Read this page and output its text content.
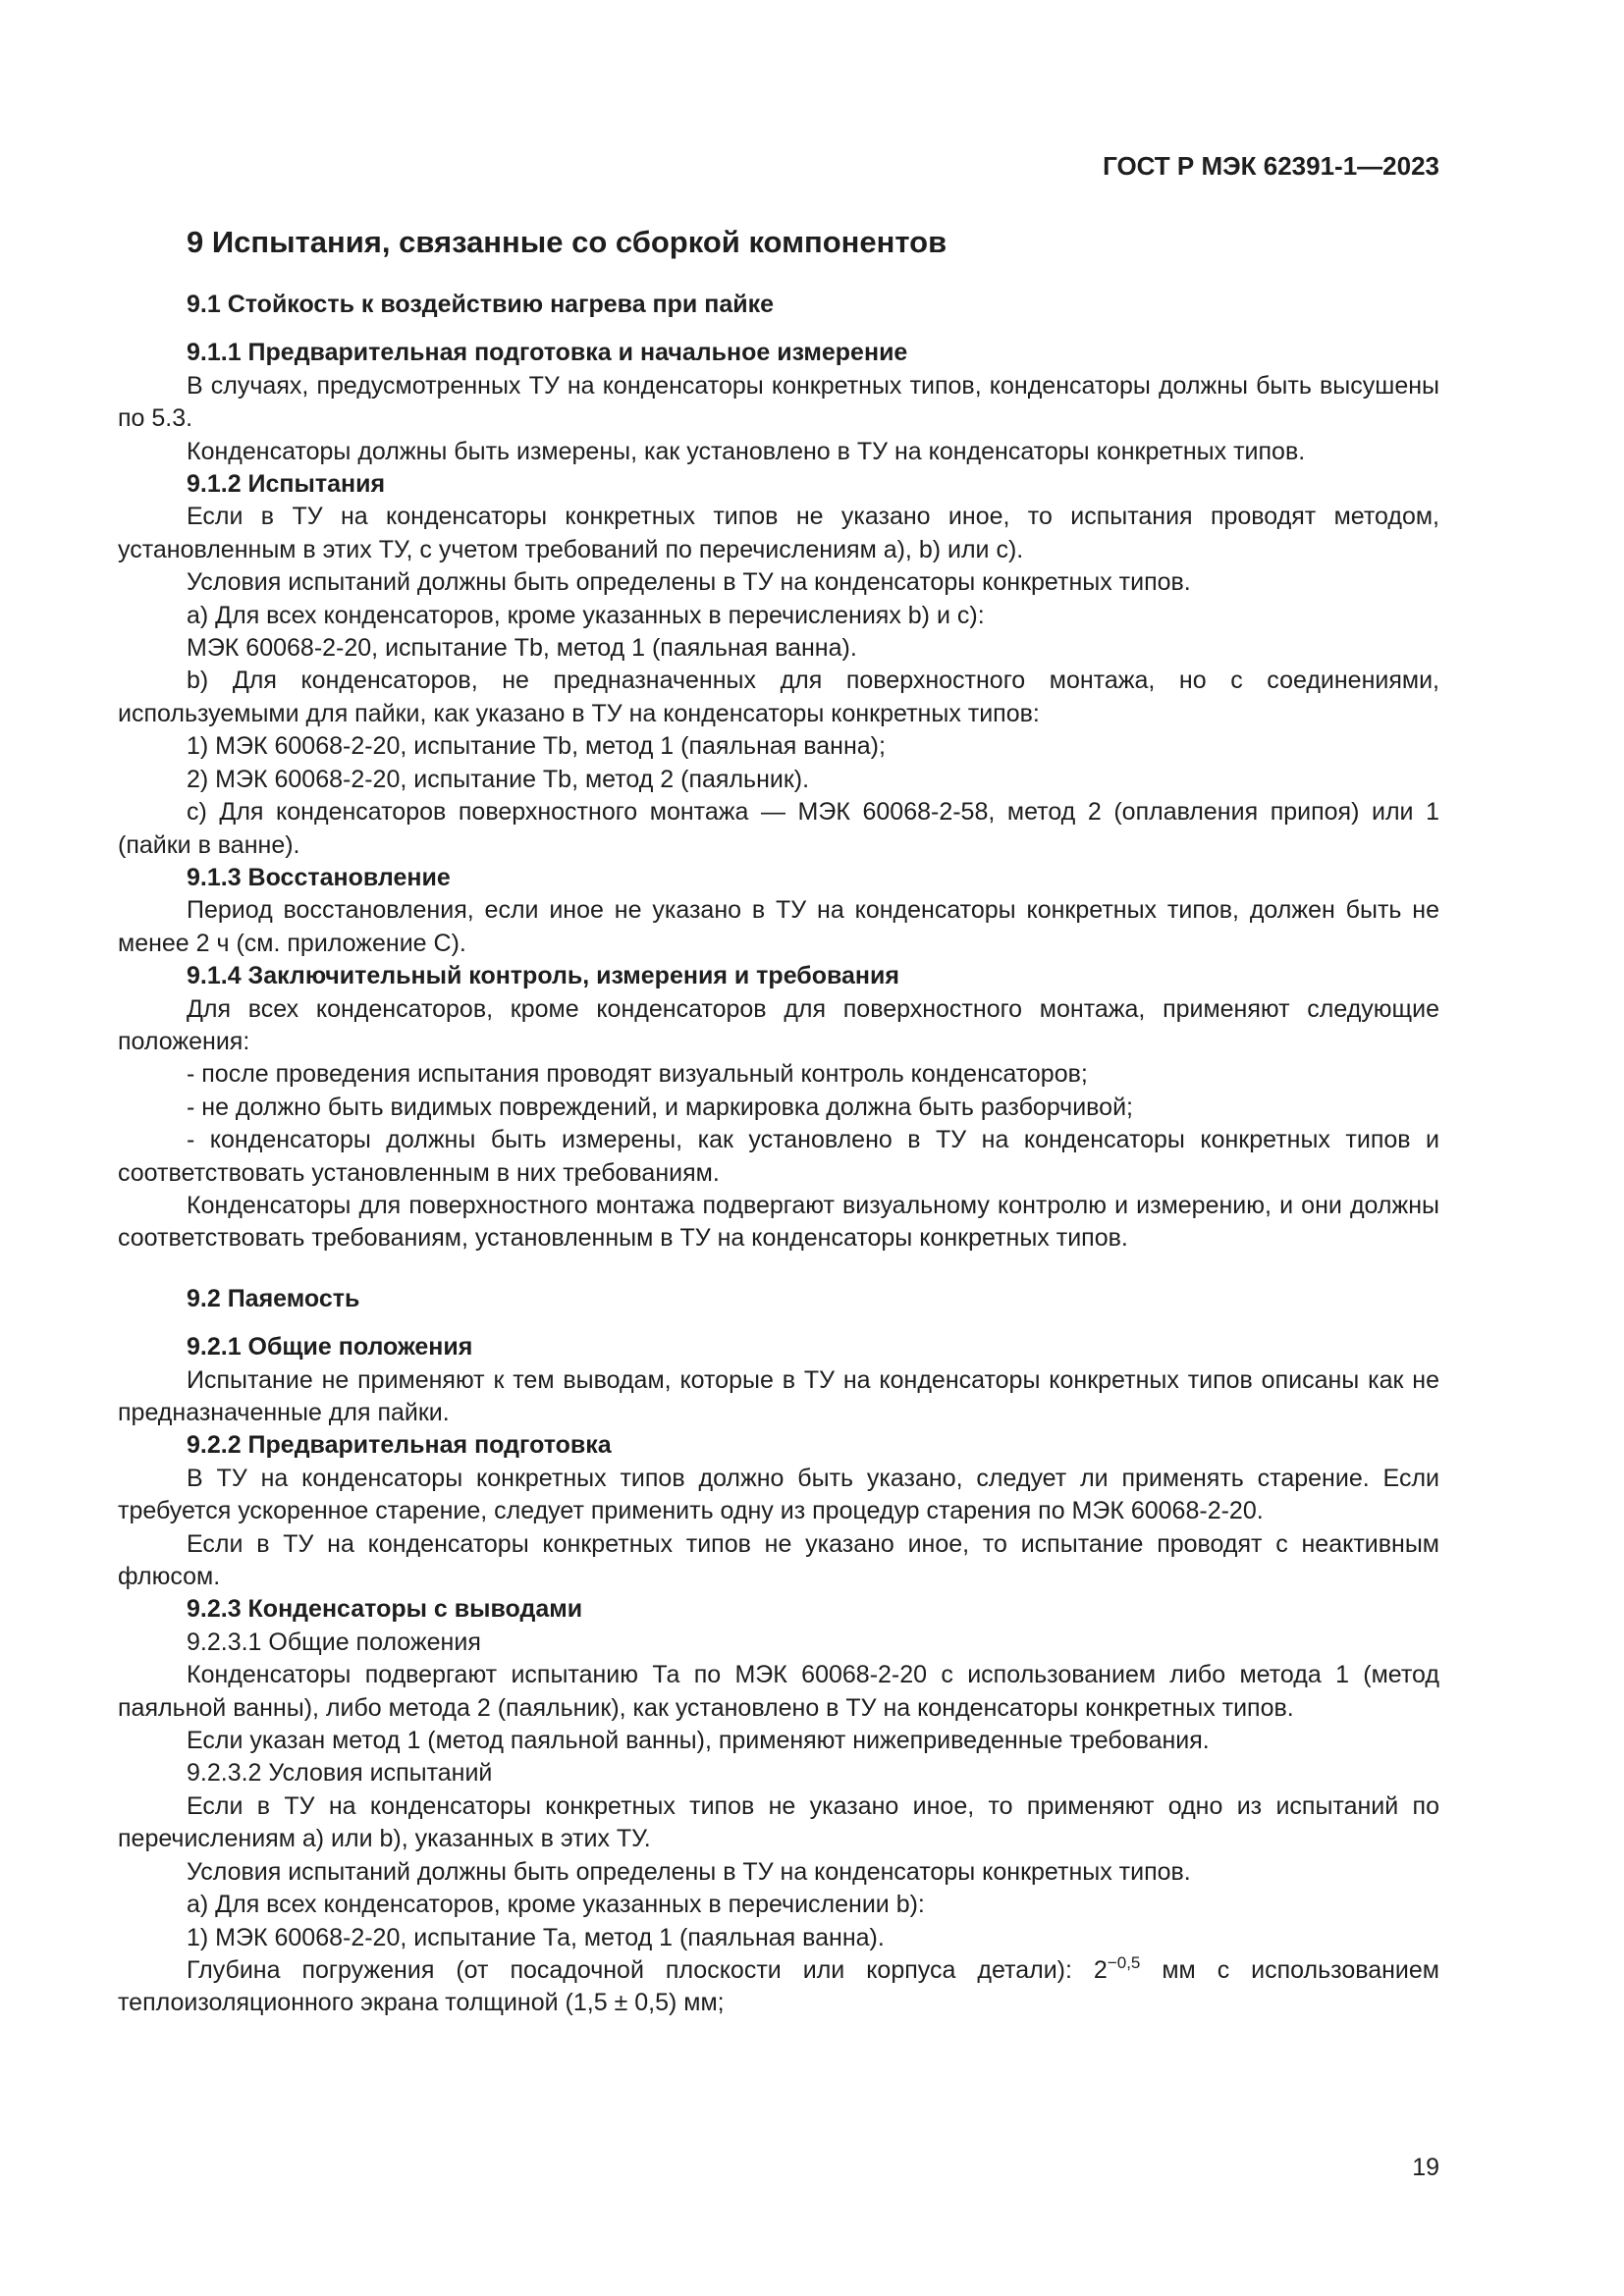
ГОСТ Р МЭК 62391-1—2023

9 Испытания, связанные со сборкой компонентов

9.1 Стойкость к воздействию нагрева при пайке

9.1.1 Предварительная подготовка и начальное измерение

В случаях, предусмотренных ТУ на конденсаторы конкретных типов, конденсаторы должны быть высушены по 5.3.

Конденсаторы должны быть измерены, как установлено в ТУ на конденсаторы конкретных типов.

9.1.2 Испытания

Если в ТУ на конденсаторы конкретных типов не указано иное, то испытания проводят методом, установленным в этих ТУ, с учетом требований по перечислениям а), b) или c).

Условия испытаний должны быть определены в ТУ на конденсаторы конкретных типов.

а) Для всех конденсаторов, кроме указанных в перечислениях b) и c):

МЭК 60068-2-20, испытание Tb, метод 1 (паяльная ванна).

b) Для конденсаторов, не предназначенных для поверхностного монтажа, но с соединениями, используемыми для пайки, как указано в ТУ на конденсаторы конкретных типов:

1) МЭК 60068-2-20, испытание Tb, метод 1 (паяльная ванна);

2) МЭК 60068-2-20, испытание Tb, метод 2 (паяльник).

c) Для конденсаторов поверхностного монтажа — МЭК 60068-2-58, метод 2 (оплавления припоя) или 1 (пайки в ванне).

9.1.3 Восстановление

Период восстановления, если иное не указано в ТУ на конденсаторы конкретных типов, должен быть не менее 2 ч (см. приложение С).

9.1.4 Заключительный контроль, измерения и требования

Для всех конденсаторов, кроме конденсаторов для поверхностного монтажа, применяют следующие положения:

- после проведения испытания проводят визуальный контроль конденсаторов;

- не должно быть видимых повреждений, и маркировка должна быть разборчивой;

- конденсаторы должны быть измерены, как установлено в ТУ на конденсаторы конкретных типов и соответствовать установленным в них требованиям.

Конденсаторы для поверхностного монтажа подвергают визуальному контролю и измерению, и они должны соответствовать требованиям, установленным в ТУ на конденсаторы конкретных типов.

9.2 Паяемость

9.2.1 Общие положения

Испытание не применяют к тем выводам, которые в ТУ на конденсаторы конкретных типов описаны как не предназначенные для пайки.

9.2.2 Предварительная подготовка

В ТУ на конденсаторы конкретных типов должно быть указано, следует ли применять старение. Если требуется ускоренное старение, следует применить одну из процедур старения по МЭК 60068-2-20.

Если в ТУ на конденсаторы конкретных типов не указано иное, то испытание проводят с неактивным флюсом.

9.2.3 Конденсаторы с выводами

9.2.3.1 Общие положения

Конденсаторы подвергают испытанию Та по МЭК 60068-2-20 с использованием либо метода 1 (метод паяльной ванны), либо метода 2 (паяльник), как установлено в ТУ на конденсаторы конкретных типов.

Если указан метод 1 (метод паяльной ванны), применяют нижеприведенные требования.

9.2.3.2 Условия испытаний

Если в ТУ на конденсаторы конкретных типов не указано иное, то применяют одно из испытаний по перечислениям а) или b), указанных в этих ТУ.

Условия испытаний должны быть определены в ТУ на конденсаторы конкретных типов.

а) Для всех конденсаторов, кроме указанных в перечислении b):

1) МЭК 60068-2-20, испытание Та, метод 1 (паяльная ванна).

Глубина погружения (от посадочной плоскости или корпуса детали): $2^{-0,5}$ мм с использованием теплоизоляционного экрана толщиной (1,5 ± 0,5) мм;

19
